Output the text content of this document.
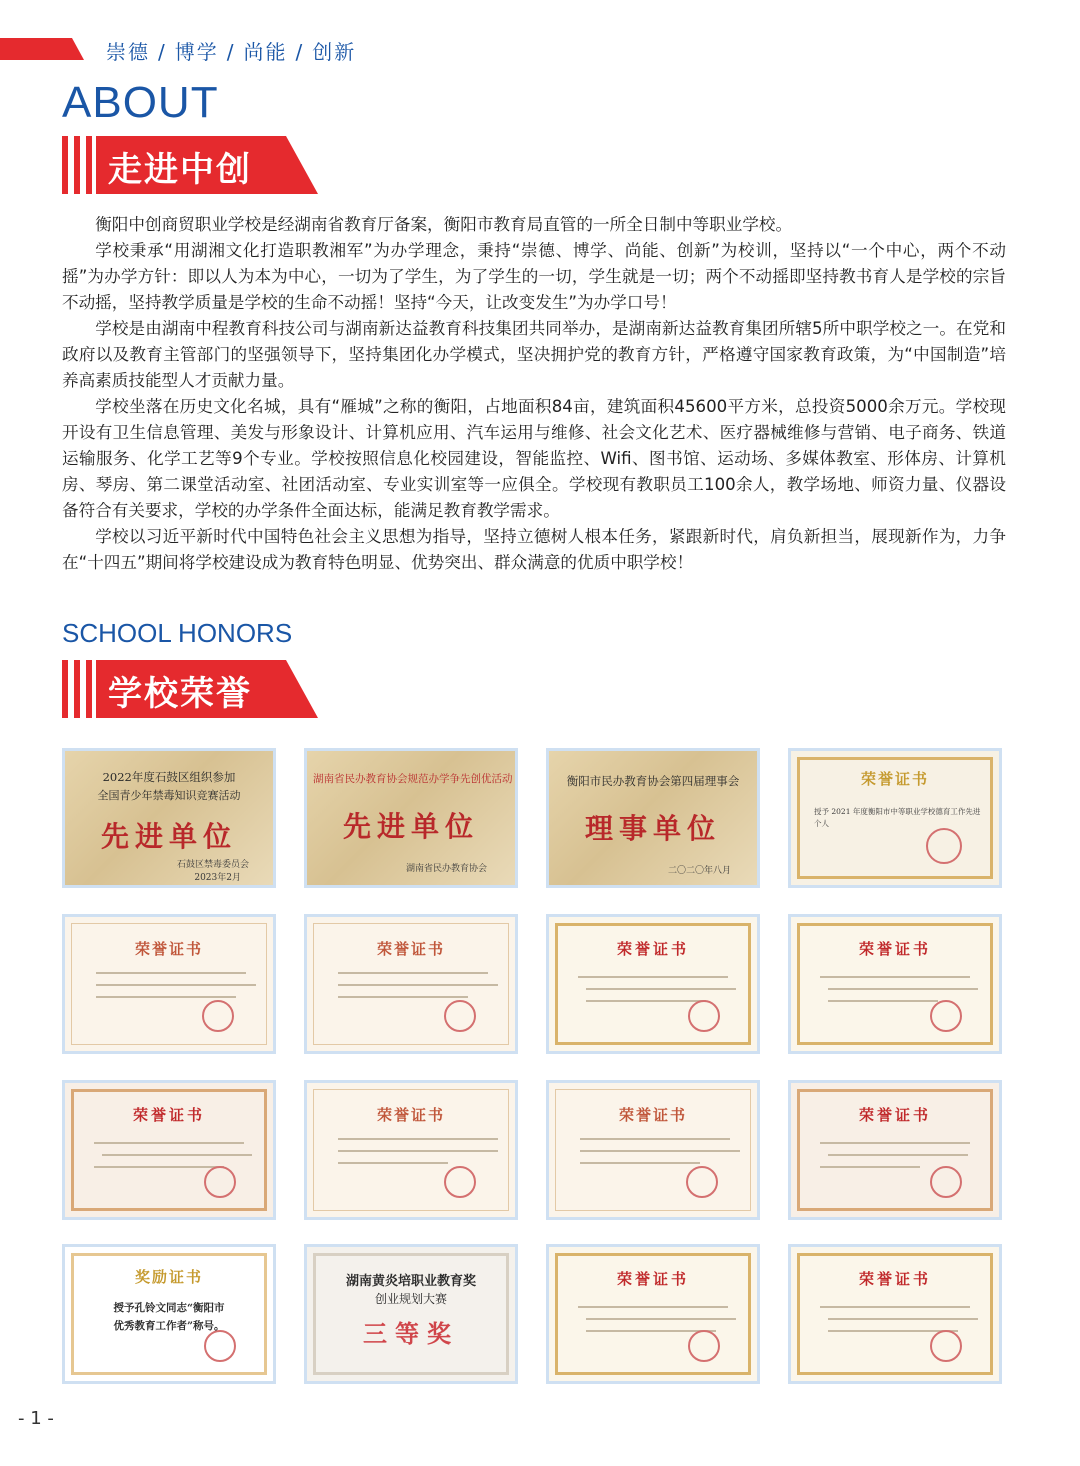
崇德 / 博学 / 尚能 / 创新
ABOUT
走进中创

衡阳中创商贸职业学校是经湖南省教育厅备案，衡阳市教育局直管的一所全日制中等职业学校。

学校秉承“用湖湘文化打造职教湘军”为办学理念，秉持“崇德、博学、尚能、创新”为校训，坚持以“一个中心，两个不动摇”为办学方针：即以人为本为中心，一切为了学生，为了学生的一切，学生就是一切；两个不动摇即坚持教书育人是学校的宗旨不动摇，坚持教学质量是学校的生命不动摇！坚持“今天，让改变发生”为办学口号！

学校是由湖南中程教育科技公司与湖南新达益教育科技集团共同举办，是湖南新达益教育集团所辖5所中职学校之一。在党和政府以及教育主管部门的坚强领导下，坚持集团化办学模式，坚决拥护党的教育方针，严格遵守国家教育政策，为“中国制造”培养高素质技能型人才贡献力量。

学校坐落在历史文化名城，具有“雁城”之称的衡阳，占地面积84亩，建筑面积45600平方米，总投资5000余万元。学校现开设有卫生信息管理、美发与形象设计、计算机应用、汽车运用与维修、社会文化艺术、医疗器械维修与营销、电子商务、铁道运输服务、化学工艺等9个专业。学校按照信息化校园建设，智能监控、Wifi、图书馆、运动场、多媒体教室、形体房、计算机房、琴房、第二课堂活动室、社团活动室、专业实训室等一应俱全。学校现有教职员工100余人，教学场地、师资力量、仪器设备符合有关要求，学校的办学条件全面达标，能满足教育教学需求。

学校以习近平新时代中国特色社会主义思想为指导，坚持立德树人根本任务，紧跟新时代，肩负新担当，展现新作为，力争在“十四五”期间将学校建设成为教育特色明显、优势突出、群众满意的优质中职学校！

SCHOOL HONORS
学校荣誉
2022年度石鼓区组织参加
全国青少年禁毒知识竞赛活动
先进单位
石鼓区禁毒委员会
2023年2月
湖南省民办教育协会规范办学争先创优活动
先进单位
湖南省民办教育协会
衡阳市民办教育协会第四届理事会
理事单位
二〇二〇年八月
荣誉证书
授予 2021 年度衡阳市中等职业学校德育工作先进个人
荣誉证书	荣誉证书	荣誉证书	荣誉证书
荣誉证书	荣誉证书	荣誉证书	荣誉证书
奖励证书
授予孔铃文同志“衡阳市
优秀教育工作者”称号。
湖南黄炎培职业教育奖
创业规划大赛
三等奖
荣誉证书	荣誉证书
- 1 -
